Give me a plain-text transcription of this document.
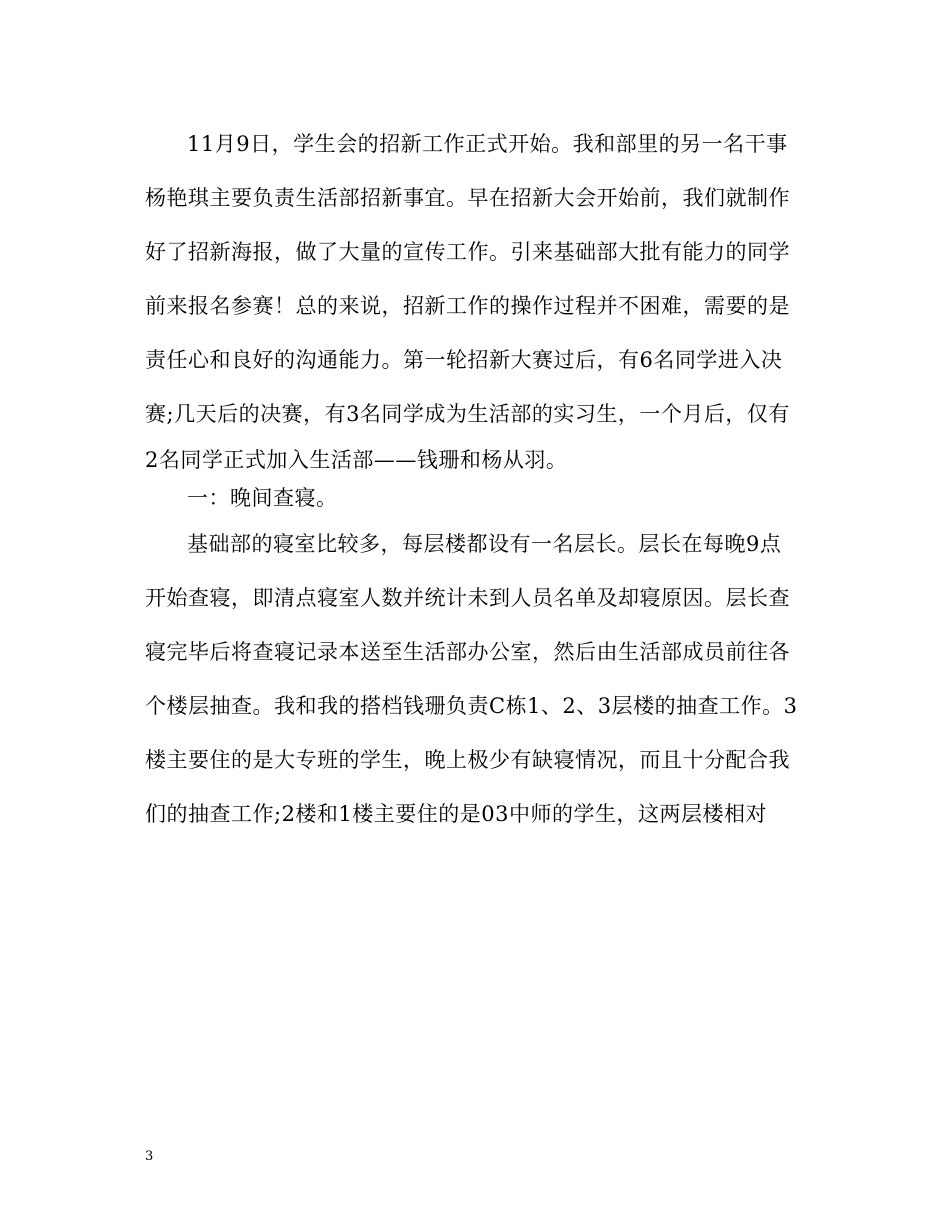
11月9日，学生会的招新工作正式开始。我和部里的另一名干事
杨艳琪主要负责生活部招新事宜。早在招新大会开始前，我们就制作
好了招新海报，做了大量的宣传工作。引来基础部大批有能力的同学
前来报名参赛！总的来说，招新工作的操作过程并不困难，需要的是
责任心和良好的沟通能力。第一轮招新大赛过后，有6名同学进入决
赛;几天后的决赛，有3名同学成为生活部的实习生，一个月后，仅有
2名同学正式加入生活部——钱珊和杨从羽。
一：晚间查寝。
基础部的寝室比较多，每层楼都设有一名层长。层长在每晚9点
开始查寝，即清点寝室人数并统计未到人员名单及却寝原因。层长查
寝完毕后将查寝记录本送至生活部办公室，然后由生活部成员前往各
个楼层抽查。我和我的搭档钱珊负责C栋1、2、3层楼的抽查工作。3
楼主要住的是大专班的学生，晚上极少有缺寝情况，而且十分配合我
们的抽查工作;2楼和1楼主要住的是03中师的学生，这两层楼相对
3
